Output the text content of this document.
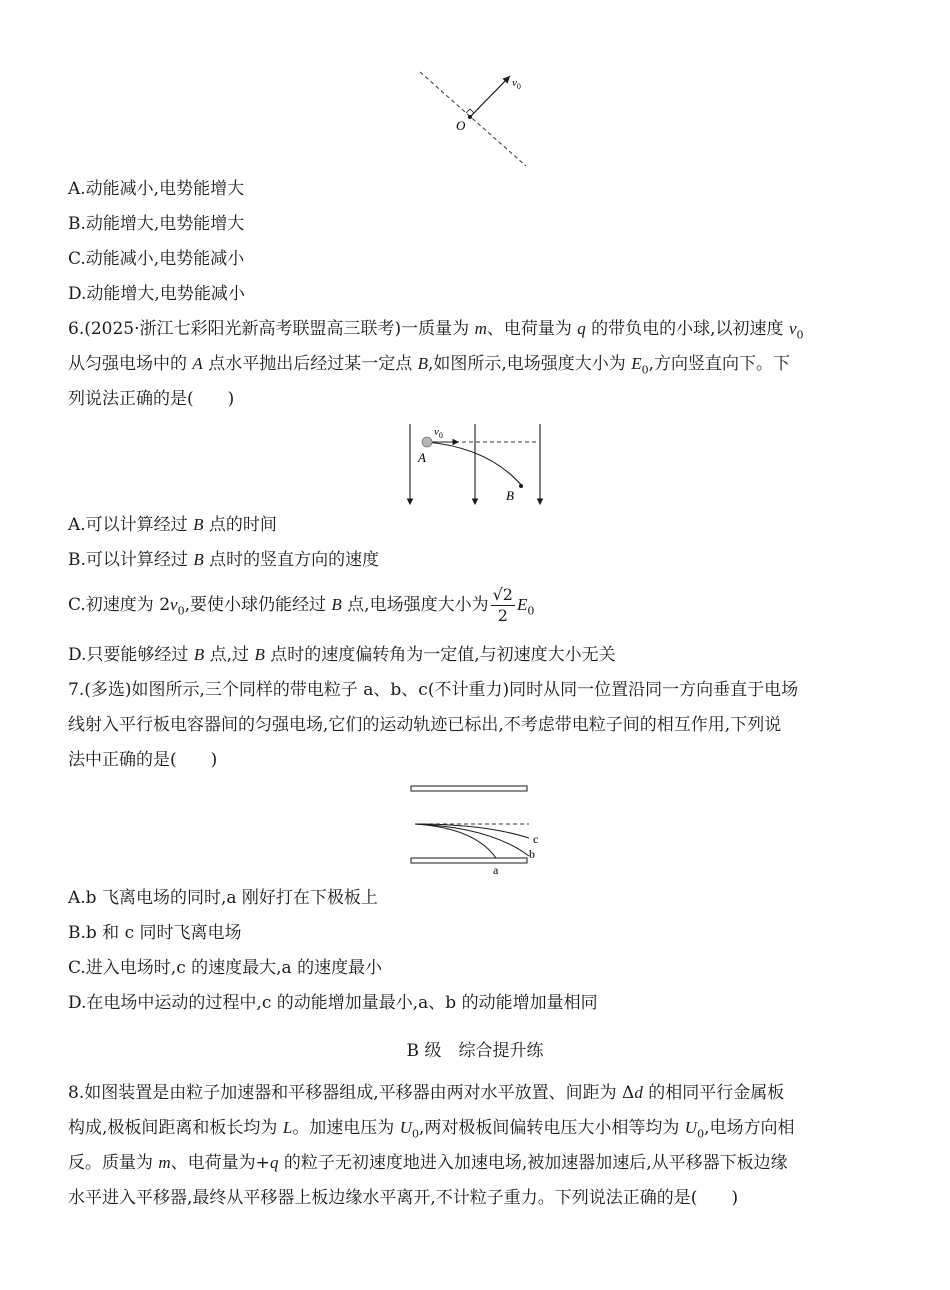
$v_0$
O
A.动能减小,电势能增大
B.动能增大,电势能增大
C.动能减小,电势能减小
D.动能增大,电势能减小
6.(2025·浙江七彩阳光新高考联盟高三联考)一质量为 m、电荷量为 q 的带负电的小球,以初速度 $v_0$
从匀强电场中的 A 点水平抛出后经过某一定点 B,如图所示,电场强度大小为 $E_0$,方向竖直向下。下
列说法正确的是(　　)
$v_0$
A
B
A.可以计算经过 B 点的时间
B.可以计算经过 B 点时的竖直方向的速度
C.初速度为 $2v_0$,要使小球仍能经过 B 点,电场强度大小为 $\frac{√2}{2} E_0$
D.只要能够经过 B 点,过 B 点时的速度偏转角为一定值,与初速度大小无关
7.(多选)如图所示,三个同样的带电粒子 a、b、c(不计重力)同时从同一位置沿同一方向垂直于电场
线射入平行板电容器间的匀强电场,它们的运动轨迹已标出,不考虑带电粒子间的相互作用,下列说
法中正确的是(　　)
c
b
a
A.b 飞离电场的同时,a 刚好打在下极板上
B.b 和 c 同时飞离电场
C.进入电场时,c 的速度最大,a 的速度最小
D.在电场中运动的过程中,c 的动能增加量最小,a、b 的动能增加量相同
B 级　综合提升练
8.如图装置是由粒子加速器和平移器组成,平移器由两对水平放置、间距为 Δd 的相同平行金属板
构成,极板间距离和板长均为 L。加速电压为 $U_0$,两对极板间偏转电压大小相等均为 $U_0$,电场方向相
反。质量为 m、电荷量为+q 的粒子无初速度地进入加速电场,被加速器加速后,从平移器下板边缘
水平进入平移器,最终从平移器上板边缘水平离开,不计粒子重力。下列说法正确的是(　　)
